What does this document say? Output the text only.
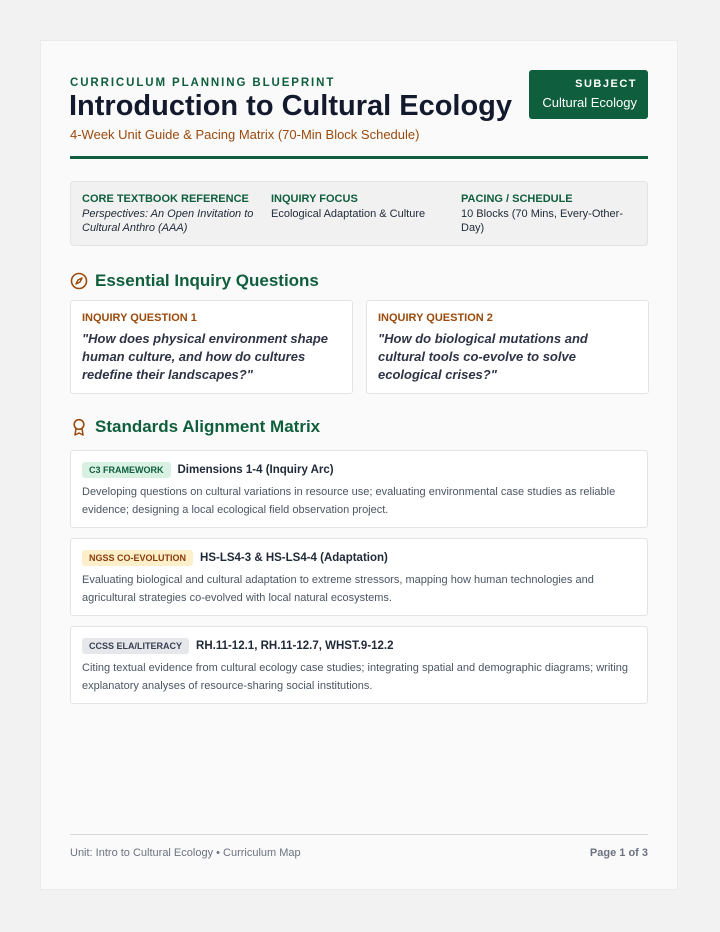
CURRICULUM PLANNING BLUEPRINT
Introduction to Cultural Ecology
4-Week Unit Guide & Pacing Matrix (70-Min Block Schedule)
SUBJECT
Cultural Ecology
CORE TEXTBOOK REFERENCE
Perspectives: An Open Invitation to Cultural Anthro (AAA)
INQUIRY FOCUS
Ecological Adaptation & Culture
PACING / SCHEDULE
10 Blocks (70 Mins, Every-Other-Day)
Essential Inquiry Questions
INQUIRY QUESTION 1
"How does physical environment shape human culture, and how do cultures redefine their landscapes?"
INQUIRY QUESTION 2
"How do biological mutations and cultural tools co-evolve to solve ecological crises?"
Standards Alignment Matrix
C3 FRAMEWORK	Dimensions 1-4 (Inquiry Arc)
Developing questions on cultural variations in resource use; evaluating environmental case studies as reliable evidence; designing a local ecological field observation project.
NGSS CO-EVOLUTION	HS-LS4-3 & HS-LS4-4 (Adaptation)
Evaluating biological and cultural adaptation to extreme stressors, mapping how human technologies and agricultural strategies co-evolved with local natural ecosystems.
CCSS ELA/LITERACY	RH.11-12.1, RH.11-12.7, WHST.9-12.2
Citing textual evidence from cultural ecology case studies; integrating spatial and demographic diagrams; writing explanatory analyses of resource-sharing social institutions.
Unit: Intro to Cultural Ecology • Curriculum Map	Page 1 of 3
